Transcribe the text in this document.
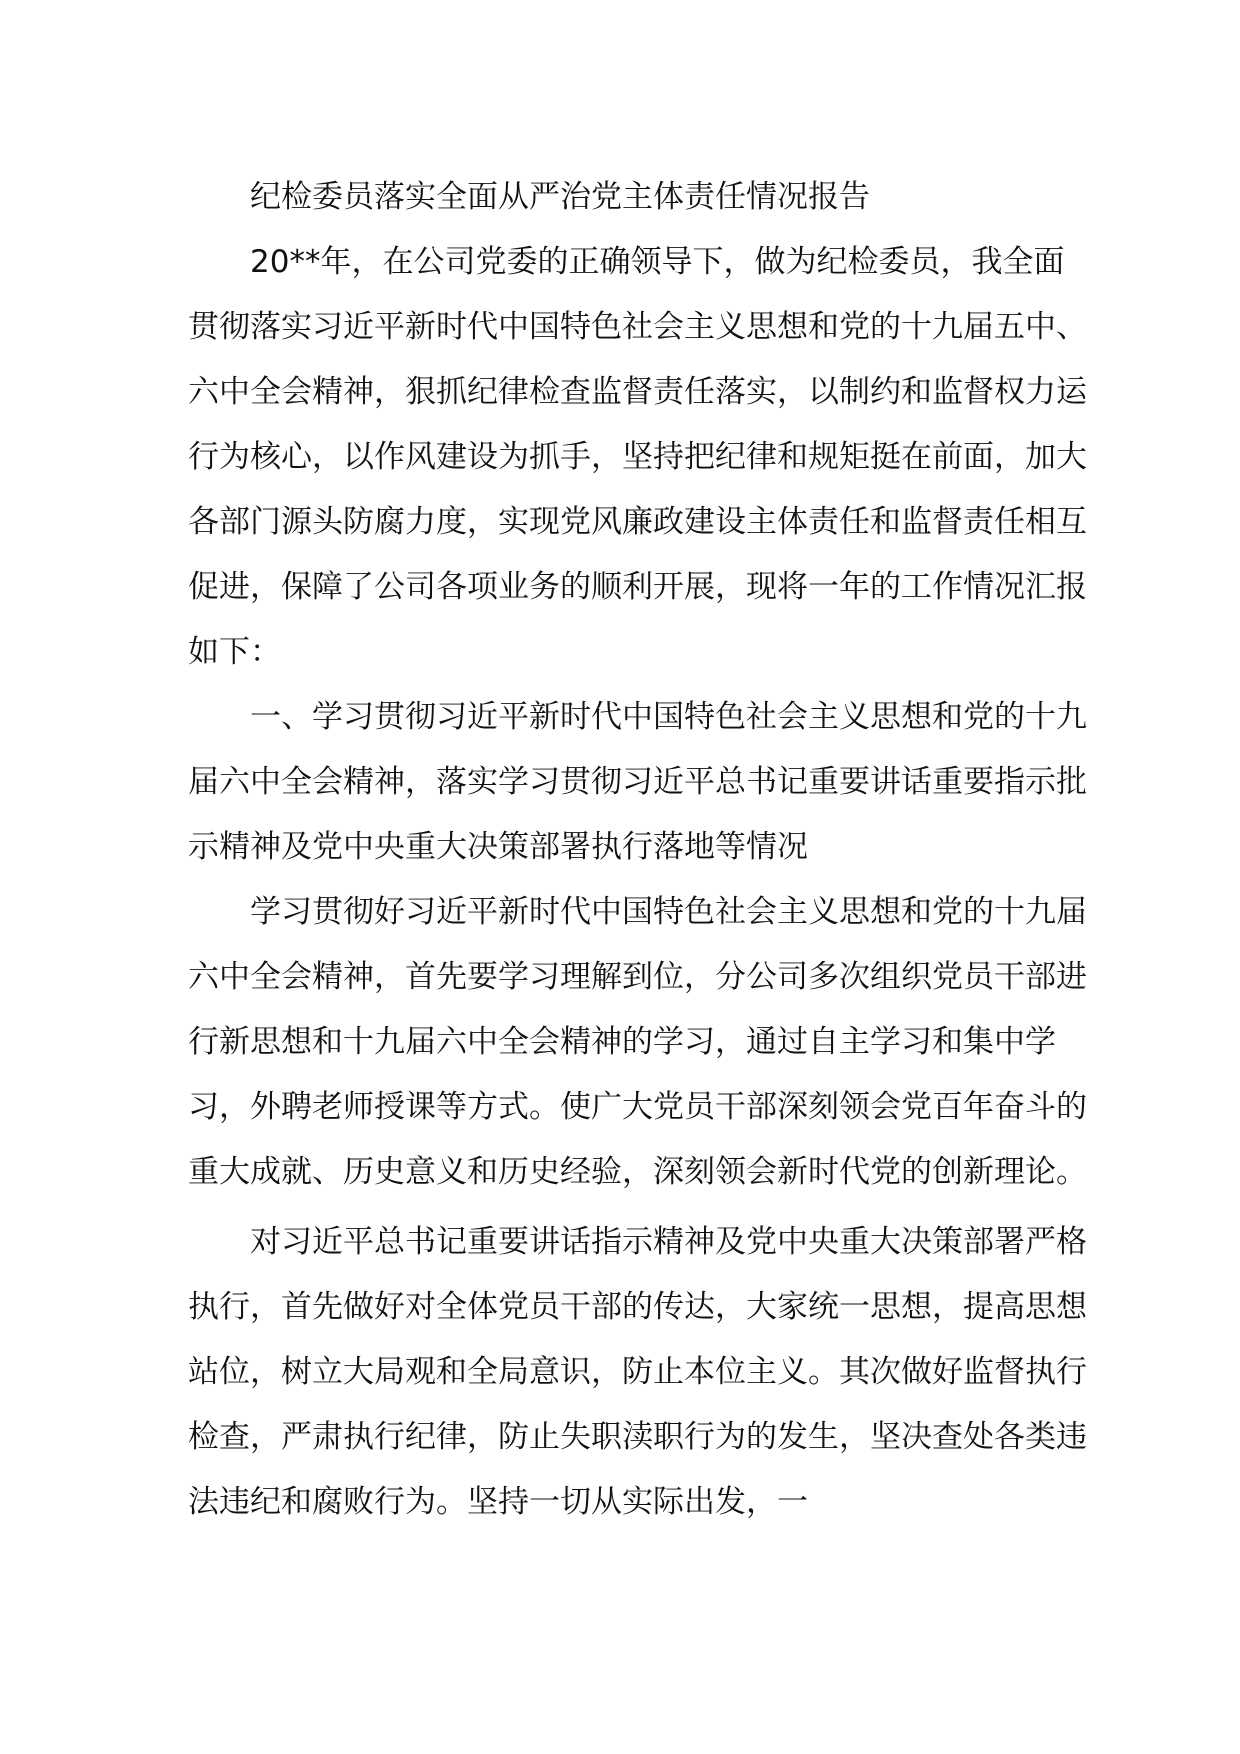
纪检委员落实全面从严治党主体责任情况报告

20**年，在公司党委的正确领导下，做为纪检委员，我全面贯彻落实习近平新时代中国特色社会主义思想和党的十九届五中、六中全会精神，狠抓纪律检查监督责任落实，以制约和监督权力运行为核心，以作风建设为抓手，坚持把纪律和规矩挺在前面，加大各部门源头防腐力度，实现党风廉政建设主体责任和监督责任相互促进，保障了公司各项业务的顺利开展，现将一年的工作情况汇报如下：

一、学习贯彻习近平新时代中国特色社会主义思想和党的十九届六中全会精神，落实学习贯彻习近平总书记重要讲话重要指示批示精神及党中央重大决策部署执行落地等情况

学习贯彻好习近平新时代中国特色社会主义思想和党的十九届六中全会精神，首先要学习理解到位，分公司多次组织党员干部进行新思想和十九届六中全会精神的学习，通过自主学习和集中学习，外聘老师授课等方式。使广大党员干部深刻领会党百年奋斗的重大成就、历史意义和历史经验，深刻领会新时代党的创新理论。

对习近平总书记重要讲话指示精神及党中央重大决策部署严格执行，首先做好对全体党员干部的传达，大家统一思想，提高思想站位，树立大局观和全局意识，防止本位主义。其次做好监督执行检查，严肃执行纪律，防止失职渎职行为的发生，坚决查处各类违法违纪和腐败行为。坚持一切从实际出发，一
